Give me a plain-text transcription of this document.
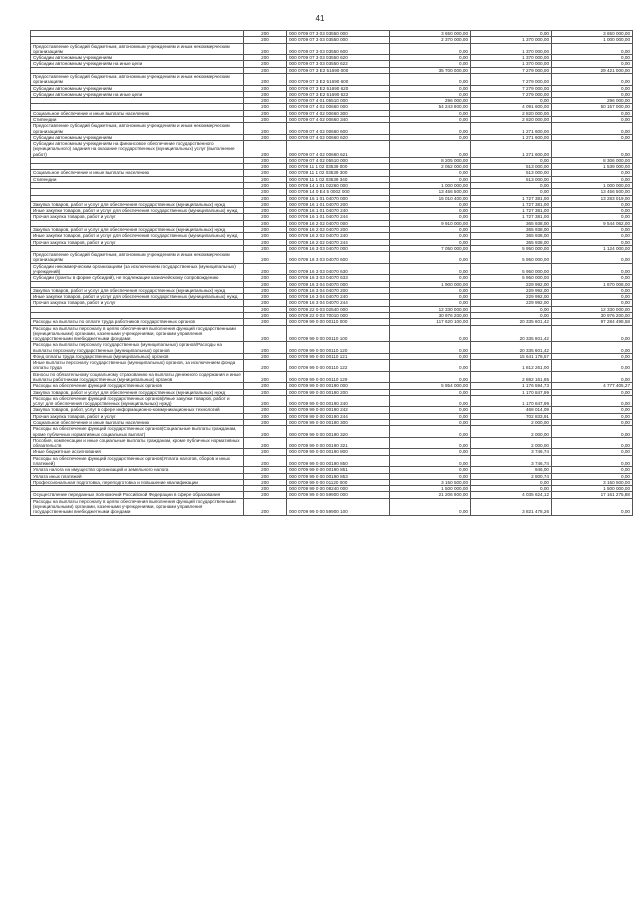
41
	200	000 0709 07 3 03 03550 000	3 650 000,00	0,00	3 650 000,00
	200	000 0709 07 3 03 03550 000	2 370 000,00	1 370 000,00	1 000 000,00
Предоставление субсидий бюджетным, автономным учреждениям и иным некоммерческим организациям	200	000 0709 07 3 03 03550 600	0,00	1 370 000,00	0,00
Субсидии автономным учреждениям	200	000 0709 07 3 03 03550 620	0,00	1 370 000,00	0,00
Субсидии автономным учреждениям на иные цели	200	000 0709 07 3 03 03550 622	0,00	1 370 000,00	0,00
	200	000 0709 07 3 E2 51690 000	35 700 000,00	7 279 000,00	29 421 000,00
Предоставление субсидий бюджетным, автономным учреждениям и иным некоммерческим организациям	200	000 0709 07 3 E2 51690 600	0,00	7 279 000,00	0,00
Субсидии автономным учреждениям	200	000 0709 07 3 E2 51690 620	0,00	7 279 000,00	0,00
Субсидии автономным учреждениям на иные цели	200	000 0709 07 3 E2 51690 622	0,00	7 279 000,00	0,00
	200	000 0709 07 4 01 05510 000	296 000,00	0,00	296 000,00
	200	000 0709 07 4 02 00660 000	54 243 800,00	4 091 600,00	50 157 000,00
Социальное обеспечение и иные выплаты населению	200	000 0709 07 4 02 00660 300	0,00	2 820 000,00	0,00
Стипендии	200	000 0709 07 4 02 00660 340	0,00	2 820 000,00	0,00
Предоставление субсидий бюджетным, автономным учреждениям и иным некоммерческим организациям	200	000 0709 07 4 02 00660 600	0,00	1 271 600,00	0,00
Субсидии автономным учреждениям	200	000 0709 07 4 02 00660 620	0,00	1 271 600,00	0,00
Субсидии автономным учреждениям на финансовое обеспечение государственного (муниципального) задания на оказание государственных (муниципальных) услуг (выполнение работ)	200	000 0709 07 4 02 00660 621	0,00	1 271 600,00	0,00
	200	000 0709 07 4 02 05510 000	8 205 000,00	0,00	8 306 000,00
	200	000 0709 11 1 02 03539 000	2 052 000,00	513 000,00	1 539 000,00
Социальное обеспечение и иные выплаты населению	200	000 0709 11 1 02 03539 300	0,00	513 000,00	0,00
Стипендии	200	000 0709 11 1 02 03539 340	0,00	513 000,00	0,00
	200	000 0709 14 1 01 02260 000	1 000 000,00	0,00	1 000 000,00
	200	000 0709 14 0 E4 5 0002 000	13 456 500,00	0,00	13 456 500,00
	200	000 0709 16 1 01 04070 000	15 010 400,00	1 727 381,00	13 283 019,00
Закупка товаров, работ и услуг для обеспечения государственных (муниципальных) нужд	200	000 0709 16 1 01 04070 200	0,00	1 727 381,00	0,00
Иные закупки товаров, работ и услуг для обеспечения государственных (муниципальных) нужд	200	000 0709 16 1 01 04070 240	0,00	1 727 381,00	0,00
Прочая закупка товаров, работ и услуг	200	000 0709 16 1 01 04070 244	0,00	1 727 381,00	0,00
	200	000 0709 16 2 02 04070 000	9 910 000,00	365 938,00	9 544 062,00
Закупка товаров, работ и услуг для обеспечения государственных (муниципальных) нужд	200	000 0709 16 2 02 04070 200	0,00	365 938,00	0,00
Иные закупки товаров, работ и услуг для обеспечения государственных (муниципальных) нужд	200	000 0709 16 2 02 04070 240	0,00	365 938,00	0,00
Прочая закупка товаров, работ и услуг	200	000 0709 16 2 02 04070 244	0,00	365 938,00	0,00
	200	000 0709 16 3 03 04070 000	7 050 000,00	5 950 000,00	1 124 000,00
Предоставление субсидий бюджетным, автономным учреждениям и иным некоммерческим организациям	200	000 0709 16 3 03 04070 600	0,00	5 950 000,00	0,00
Субсидии некоммерческим организациям (за исключением государственных (муниципальных) учреждений)	200	000 0709 16 3 03 04070 630	0,00	5 950 000,00	0,00
Субсидии (гранты в форме субсидий), не подлежащие казначейскому сопровождению	200	000 0709 16 3 03 04070 633	0,00	5 950 000,00	0,00
	200	000 0709 16 3 04 04070 000	1 900 000,00	229 992,00	1 670 008,00
Закупка товаров, работ и услуг для обеспечения государственных (муниципальных) нужд	200	000 0709 16 3 04 04070 200	0,00	229 992,00	0,00
Иные закупки товаров, работ и услуг для обеспечения государственных (муниципальных) нужд	200	000 0709 16 3 04 04070 240	0,00	229 992,00	0,00
Прочая закупка товаров, работ и услуг	200	000 0709 16 3 04 04070 244	0,00	229 992,00	0,00
	200	000 0709 22 0 03 02540 000	12 330 000,00	0,00	12 330 000,00
	200	000 0709 22 0 03 70010 000	30 976 200,00	0,00	30 976 200,00
Расходы на выплаты по оплате труда работников государственных органов	200	000 0709 99 0 00 00110 000	117 620 100,00	20 335 601,42	97 284 498,58
Расходы на выплаты персоналу в целях обеспечения выполнения функций государственными (муниципальными) органами, казенными учреждениями, органами управления государственными внебюджетными фондами	200	000 0709 99 0 00 00110 100	0,00	20 335 601,42	0,00
Расходы на выплаты персоналу государственных (муниципальных) органов/Расходы на выплаты персоналу государственных (муниципальных) органов	200	000 0709 99 0 00 00110 120	0,00	20 335 601,42	0,00
Фонд оплаты труда государственных (муниципальных) органов	200	000 0709 99 0 00 00110 121	0,00	15 641 178,57	0,00
Иные выплаты персоналу государственных (муниципальных) органов, за исключением фонда оплаты труда	200	000 0709 99 0 00 00110 122	0,00	1 812 261,00	0,00
Взносы по обязательному социальному страхованию на выплаты денежного содержания и иные выплаты работникам государственных (муниципальных) органов	200	000 0709 99 0 00 00110 129	0,00	2 882 161,85	0,00
Расходы на обеспечение функций государственных органов	200	000 0709 99 0 00 00190 000	5 954 000,00	1 176 594,73	4 777 405,27
Закупка товаров, работ и услуг для обеспечения государственных (муниципальных) нужд	200	000 0709 99 0 00 00190 200	0,00	1 170 847,99	0,00
Расходы на обеспечение функций государственных органов(Иные закупки товаров, работ и услуг для обеспечения государственных (муниципальных) нужд)	200	000 0709 99 0 00 00190 240	0,00	1 170 847,99	0,00
Закупка товаров, работ, услуг в сфере информационно-коммуникационных технологий	200	000 0709 99 0 00 00190 242	0,00	468 014,09	0,00
Прочая закупка товаров, работ и услуг	200	000 0709 99 0 00 00190 244	0,00	702 833,91	0,00
Социальное обеспечение и иные выплаты населению	200	000 0709 99 0 00 00190 300	0,00	2 000,00	0,00
Расходы на обеспечение функций государственных органов(Социальные выплаты гражданам, кроме публичных нормативных социальных выплат)	200	000 0709 99 0 00 00190 320	0,00	2 000,00	0,00
Пособия, компенсации и иные социальные выплаты гражданам, кроме публичных нормативных обязательств	200	000 0709 99 0 00 00190 321	0,00	2 000,00	0,00
Иные бюджетные ассигнования	200	000 0709 99 0 00 00190 800	0,00	3 746,74	0,00
Расходы на обеспечение функций государственных органов(Уплата налогов, сборов и иных платежей)	200	000 0709 99 0 00 00190 850	0,00	3 746,74	0,00
Уплата налога на имущество организаций и земельного налога	200	000 0709 99 0 00 00190 851	0,00	946,00	0,00
Уплата иных платежей	200	000 0709 99 0 00 00190 853	0,00	2 800,74	0,00
Профессиональная подготовка, переподготовка и повышение квалификации	200	000 0709 99 0 00 01120 000	3 150 500,00	0,00	3 150 500,00
	200	000 0709 99 0 00 08240 000	1 500 000,00	0,00	1 500 000,00
Осуществление переданных полномочий Российской Федерации в сфере образования	200	000 0709 99 0 00 59900 000	21 206 900,00	4 035 624,12	17 161 275,88
Расходы на выплаты персоналу в целях обеспечения выполнения функций государственными (муниципальными) органами, казенными учреждениями, органами управления государственными внебюджетными фондами	200	000 0709 99 0 00 59900 100	0,00	3 821 478,26	0,00
